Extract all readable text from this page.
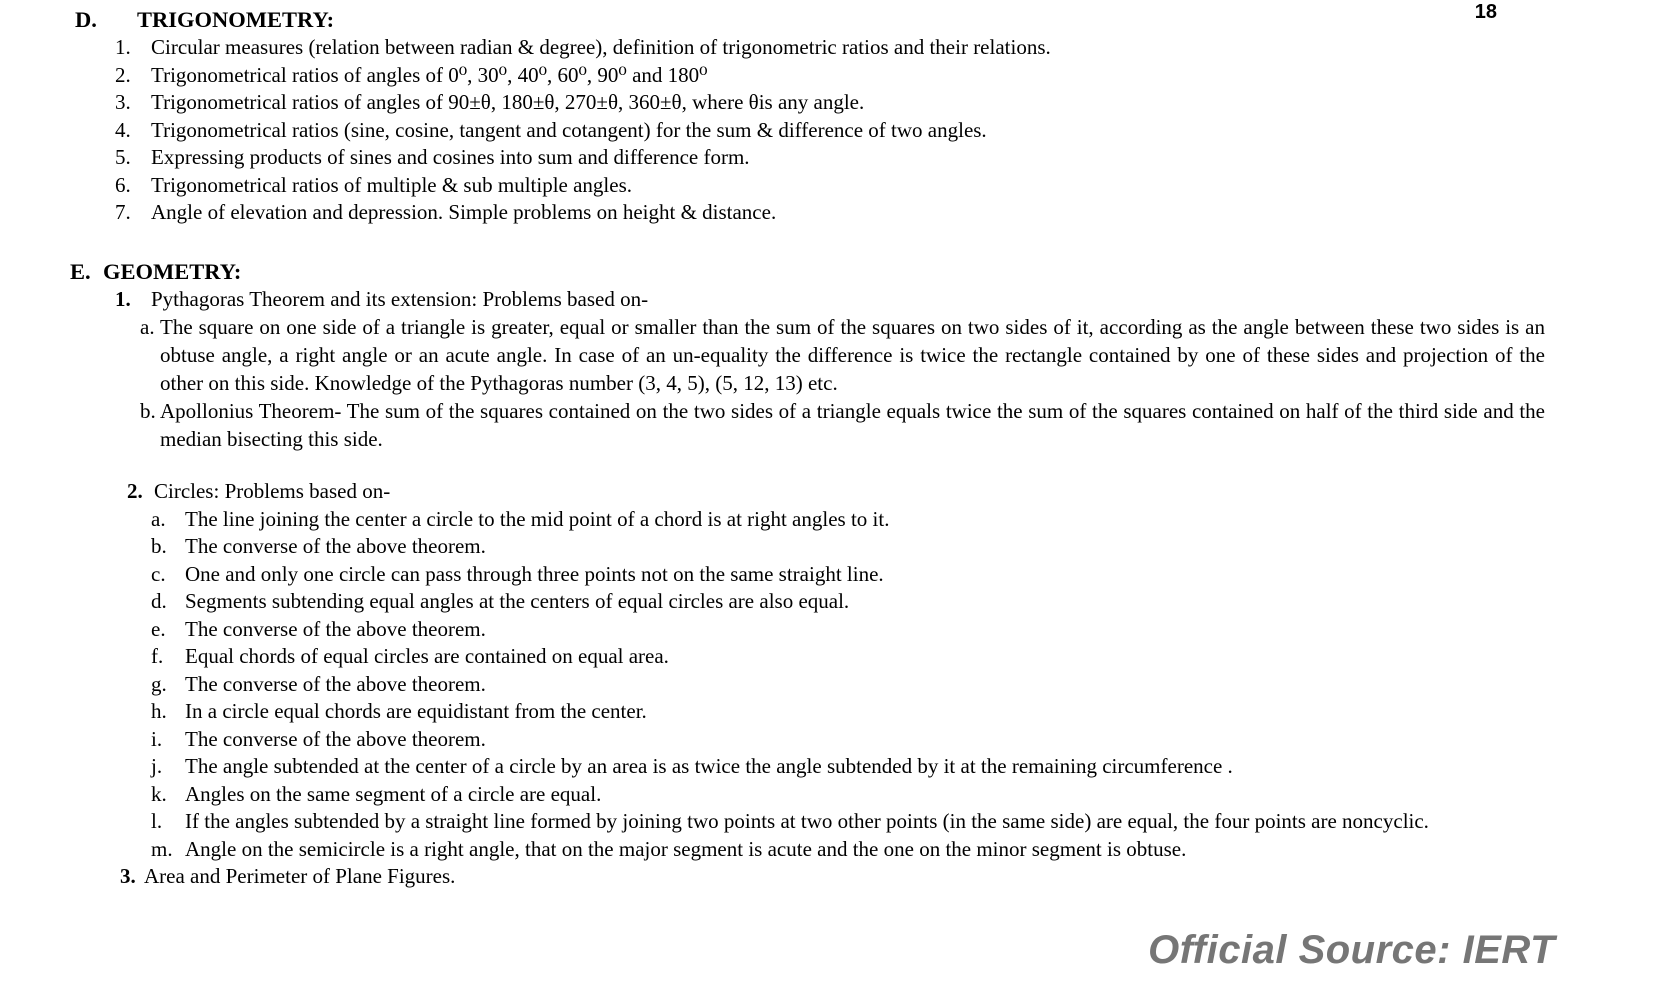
18
D.	TRIGONOMETRY:
1. Circular measures (relation between radian & degree), definition of trigonometric ratios and their relations.
2. Trigonometrical ratios of angles of 0⁰, 30⁰, 40⁰, 60⁰, 90⁰ and 180⁰
3. Trigonometrical ratios of angles of 90±θ, 180±θ, 270±θ, 360±θ, where θis any angle.
4. Trigonometrical ratios (sine, cosine, tangent and cotangent) for the sum & difference of two angles.
5. Expressing products of sines and cosines into sum and difference form.
6. Trigonometrical ratios of multiple & sub multiple angles.
7. Angle of elevation and depression. Simple problems on height & distance.
E. GEOMETRY:
1. Pythagoras Theorem and its extension: Problems based on-
a. The square on one side of a triangle is greater, equal or smaller than the sum of the squares on two sides of it, according as the angle between these two sides is an obtuse angle, a right angle or an acute angle. In case of an un-equality the difference is twice the rectangle contained by one of these sides and projection of the other on this side. Knowledge of the Pythagoras number (3, 4, 5), (5, 12, 13) etc.
b. Apollonius Theorem- The sum of the squares contained on the two sides of a triangle equals twice the sum of the squares contained on half of the third side and the median bisecting this side.
2. Circles: Problems based on-
a. The line joining the center a circle to the mid point of a chord is at right angles to it.
b. The converse of the above theorem.
c. One and only one circle can pass through three points not on the same straight line.
d. Segments subtending equal angles at the centers of equal circles are also equal.
e. The converse of the above theorem.
f.	Equal chords of equal circles are contained on equal area.
g. The converse of the above theorem.
h. In a circle equal chords are equidistant from the center.
i.	The converse of the above theorem.
j.	The angle subtended at the center of a circle by an area is as twice the angle subtended by it at the remaining circumference .
k. Angles on the same segment of a circle are equal.
l.	If the angles subtended by a straight line formed by joining two points at two other points (in the same side) are equal, the four points are noncyclic.
m. Angle on the semicircle is a right angle, that on the major segment is acute and the one on the minor segment is obtuse.
3. Area and Perimeter of Plane Figures.
Official Source: IERT
